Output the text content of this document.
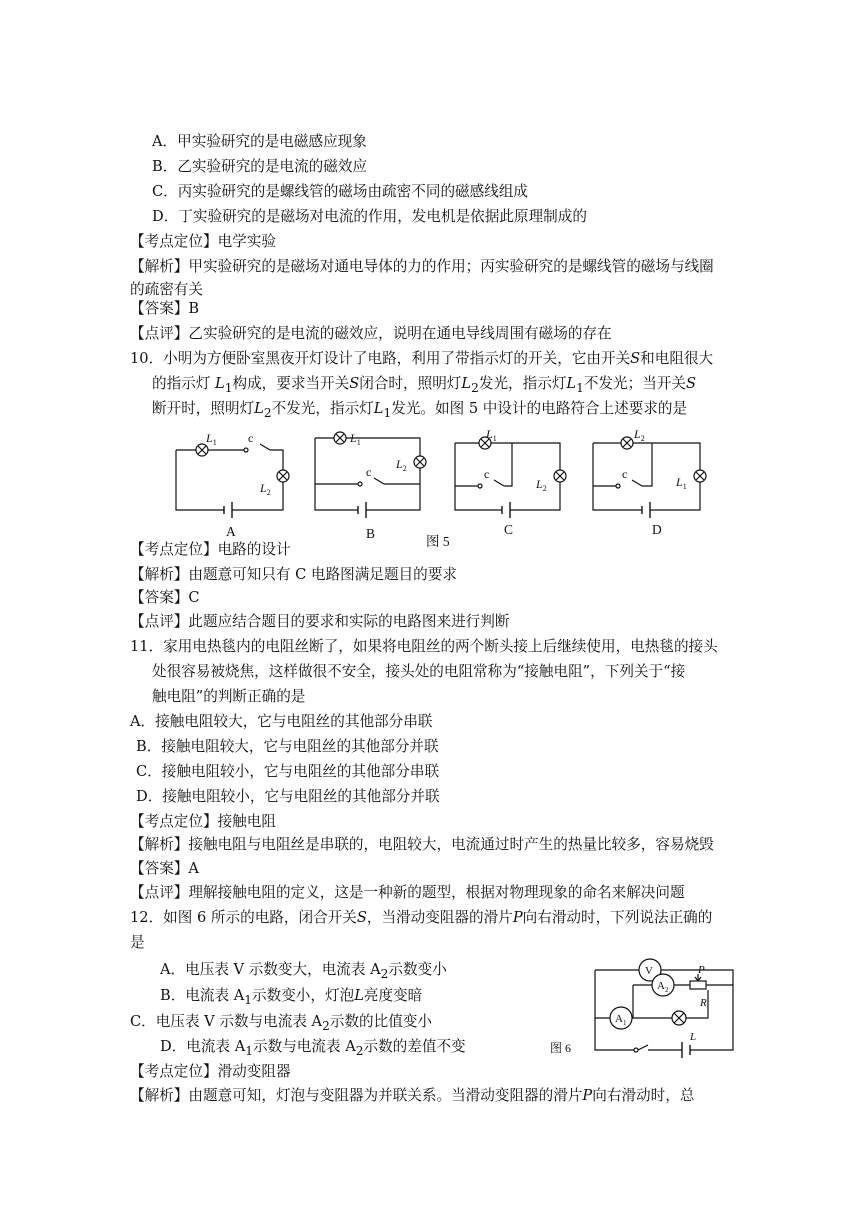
A．甲实验研究的是电磁感应现象
B．乙实验研究的是电流的磁效应
C．丙实验研究的是螺线管的磁场由疏密不同的磁感线组成
D．丁实验研究的是磁场对电流的作用，发电机是依据此原理制成的
【考点定位】电学实验
【解析】甲实验研究的是磁场对通电导体的力的作用；丙实验研究的是螺线管的磁场与线圈
的疏密有关
【答案】B
【点评】乙实验研究的是电流的磁效应，说明在通电导线周围有磁场的存在
10．小明为方便卧室黑夜开灯设计了电路，利用了带指示灯的开关，它由开关S和电阻很大
的指示灯 $L_1$构成，要求当开关S闭合时，照明灯$L_2$发光，指示灯$L_1$不发光；当开关S
断开时，照明灯$L_2$不发光，指示灯$L_1$发光。如图 5 中设计的电路符合上述要求的是
$L_1$	c
$L_2$
$L_1$
c
$L_2$
$L_1$
c
$L_2$
$L_2$
c
$L_1$
A	B	C	D
图 5
【考点定位】电路的设计
【解析】由题意可知只有 C 电路图满足题目的要求
【答案】C
【点评】此题应结合题目的要求和实际的电路图来进行判断
11．家用电热毯内的电阻丝断了，如果将电阻丝的两个断头接上后继续使用，电热毯的接头
处很容易被烧焦，这样做很不安全，接头处的电阻常称为“接触电阻”，下列关于“接
触电阻”的判断正确的是
A．接触电阻较大，它与电阻丝的其他部分串联
B．接触电阻较大，它与电阻丝的其他部分并联
C．接触电阻较小，它与电阻丝的其他部分串联
D．接触电阻较小，它与电阻丝的其他部分并联
【考点定位】接触电阻
【解析】接触电阻与电阻丝是串联的，电阻较大，电流通过时产生的热量比较多，容易烧毁
【答案】A
【点评】理解接触电阻的定义，这是一种新的题型，根据对物理现象的命名来解决问题
12．如图 6 所示的电路，闭合开关S，当滑动变阻器的滑片P向右滑动时，下列说法正确的
是
A．电压表 V 示数变大，电流表 $A_2$示数变小
B．电流表 $A_1$示数变小，灯泡L亮度变暗
C．电压表 V 示数与电流表 $A_2$示数的比值变小
D．电流表 $A_1$示数与电流表 $A_2$示数的差值不变
V
$A_1$
$A_2$
P
R
L
图 6
【考点定位】滑动变阻器
【解析】由题意可知，灯泡与变阻器为并联关系。当滑动变阻器的滑片P向右滑动时，总
